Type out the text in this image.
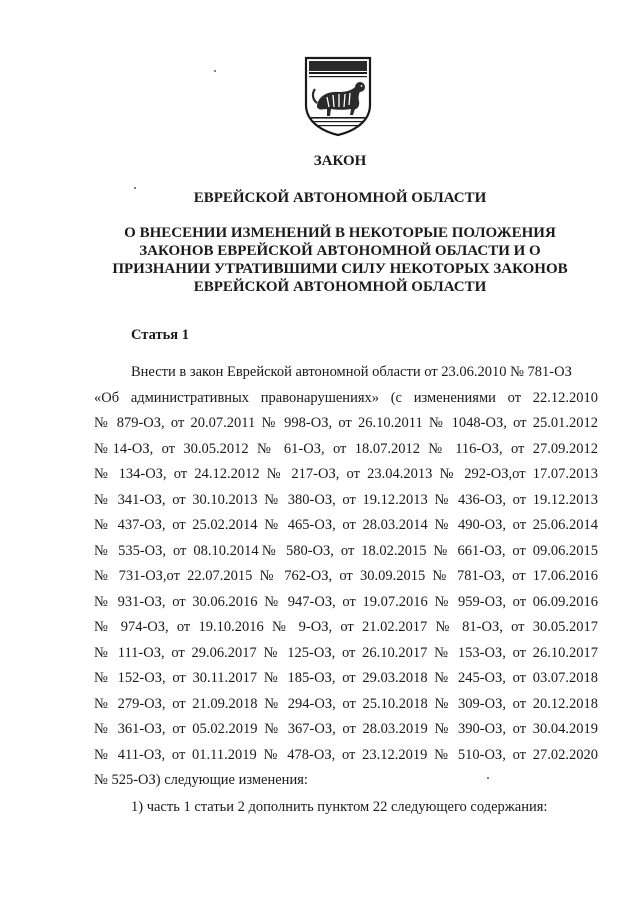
ЗАКОН
ЕВРЕЙСКОЙ АВТОНОМНОЙ ОБЛАСТИ
О ВНЕСЕНИИ ИЗМЕНЕНИЙ В НЕКОТОРЫЕ ПОЛОЖЕНИЯ
ЗАКОНОВ ЕВРЕЙСКОЙ АВТОНОМНОЙ ОБЛАСТИ И О
ПРИЗНАНИИ УТРАТИВШИМИ СИЛУ НЕКОТОРЫХ ЗАКОНОВ
ЕВРЕЙСКОЙ АВТОНОМНОЙ ОБЛАСТИ
Статья 1
Внести в закон Еврейской автономной области от 23.06.2010 № 781-ОЗ
«Об административных правонарушениях» (с изменениями от 22.12.2010
№ 879-ОЗ, от 20.07.2011 № 998-ОЗ, от 26.10.2011 № 1048-ОЗ, от 25.01.2012
№14-ОЗ, от 30.05.2012 № 61-ОЗ, от 18.07.2012 № 116-ОЗ, от 27.09.2012
№ 134-ОЗ, от 24.12.2012 № 217-ОЗ, от 23.04.2013 № 292-ОЗ,от 17.07.2013
№ 341-ОЗ, от 30.10.2013 № 380-ОЗ, от 19.12.2013 № 436-ОЗ, от 19.12.2013
№ 437-ОЗ, от 25.02.2014 № 465-ОЗ, от 28.03.2014 № 490-ОЗ, от 25.06.2014
№ 535-ОЗ, от 08.10.2014№ 580-ОЗ, от 18.02.2015 № 661-ОЗ, от 09.06.2015
№ 731-ОЗ,от 22.07.2015 № 762-ОЗ, от 30.09.2015 № 781-ОЗ, от 17.06.2016
№ 931-ОЗ, от 30.06.2016 № 947-ОЗ, от 19.07.2016 № 959-ОЗ, от 06.09.2016
№ 974-ОЗ, от 19.10.2016 № 9-ОЗ, от 21.02.2017 № 81-ОЗ, от 30.05.2017
№ 111-ОЗ, от 29.06.2017 № 125-ОЗ, от 26.10.2017 № 153-ОЗ, от 26.10.2017
№ 152-ОЗ, от 30.11.2017 № 185-ОЗ, от 29.03.2018 № 245-ОЗ, от 03.07.2018
№ 279-ОЗ, от 21.09.2018 № 294-ОЗ, от 25.10.2018 № 309-ОЗ, от 20.12.2018
№ 361-ОЗ, от 05.02.2019 № 367-ОЗ, от 28.03.2019 № 390-ОЗ, от 30.04.2019
№ 411-ОЗ, от 01.11.2019 № 478-ОЗ, от 23.12.2019 № 510-ОЗ, от 27.02.2020
№ 525-ОЗ) следующие изменения:
1) часть 1 статьи 2 дополнить пунктом 22 следующего содержания:
